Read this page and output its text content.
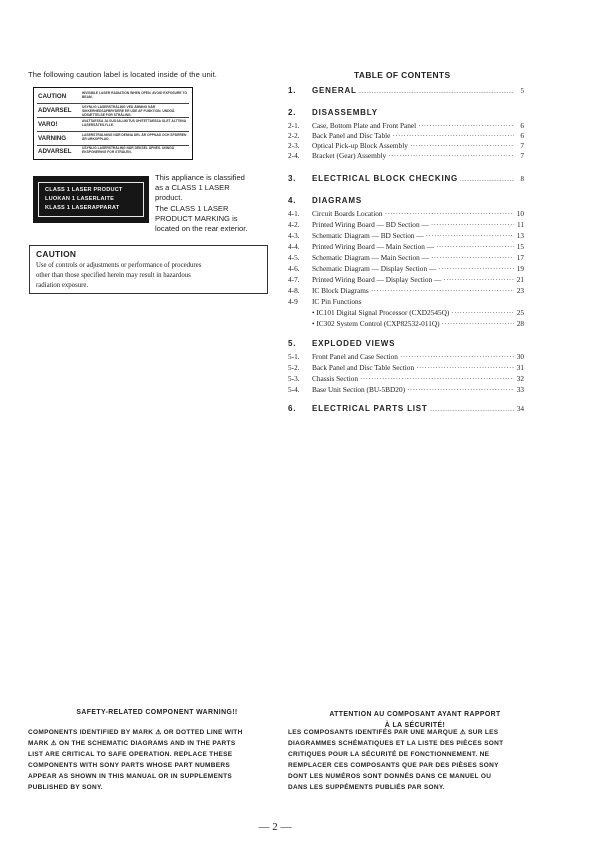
The following caution label is located inside of the unit.
CAUTION	INVISIBLE LASER RADIATION WHEN OPEN. AVOID EXPOSURE TO BEAM.
ADVARSEL	USYNLIG LASERSTRÅLING VED ÅBNING NÅR SIKKERHEDSAFBRYDERE ER UDE AF FUNKTION. UNDGÅ UDSÆTTELSE FOR STRÅLING.
VARO!	AVATTAESSA JA SUOJALUKITUS OHITETTAESSA OLET ALTTIINA LASERSÄTEILYLLE.
VARNING	LASERSTRÅLNING NÄR DENNA DEL ÄR ÖPPNAD OCH SPÄRREN ÄR URKOPPLAD.
ADVARSEL	USYNLIG LASERSTRÅLING NÅR DEKSEL ÅPNES. UNNGÅ EKSPONERING FOR STRÅLEN.
CLASS 1 LASER PRODUCT
LUOKAN 1 LASERLAITE
KLASS 1 LASERAPPARAT
This appliance is classified
as a CLASS 1 LASER
product.
The CLASS 1 LASER
PRODUCT MARKING is
located on the rear exterior.
CAUTION
Use of controls or adjustments or performance of procedures
other than those specified herein may result in hazardous
radiation exposure.
TABLE OF CONTENTS
1. GENERAL .....	5
2. DISASSEMBLY
2-1. Case, Bottom Plate and Front Panel ·····	6
2-2. Back Panel and Disc Table ·····	6
2-3. Optical Pick-up Block Assembly ·····	7
2-4. Bracket (Gear) Assembly ·····	7
3. ELECTRICAL BLOCK CHECKING .....	8
4. DIAGRAMS
4-1. Circuit Boards Location ·····	10
4-2. Printed Wiring Board — BD Section — ·····	11
4-3. Schematic Diagram — BD Section — ·····	13
4-4. Printed Wiring Board — Main Section — ·····	15
4-5. Schematic Diagram — Main Section — ·····	17
4-6. Schematic Diagram — Display Section — ·····	19
4-7. Printed Wiring Board — Display Section — ·····	21
4-8. IC Block Diagrams ·····	23
4-9 IC Pin Functions
• IC101 Digital Signal Processor (CXD2545Q) ·····	25
• IC302 System Control (CXP82532-011Q) ·····	28
5. EXPLODED VIEWS
5-1. Front Panel and Case Section ·····	30
5-2. Back Panel and Disc Table Section ·····	31
5-3. Chassis Section ·····	32
5-4. Base Unit Section (BU-5BD20) ·····	33
6. ELECTRICAL PARTS LIST .....	34
SAFETY-RELATED COMPONENT WARNING!!
COMPONENTS IDENTIFIED BY MARK ⚠ OR DOTTED LINE WITH
MARK ⚠ ON THE SCHEMATIC DIAGRAMS AND IN THE PARTS
LIST ARE CRITICAL TO SAFE OPERATION. REPLACE THESE
COMPONENTS WITH SONY PARTS WHOSE PART NUMBERS
APPEAR AS SHOWN IN THIS MANUAL OR IN SUPPLEMENTS
PUBLISHED BY SONY.
ATTENTION AU COMPOSANT AYANT RAPPORT
À LA SÉCURITÉ!
LES COMPOSANTS IDENTIFÉS PAR UNE MARQUE ⚠ SUR LES
DIAGRAMMES SCHÉMATIQUES ET LA LISTE DES PIÈCES SONT
CRITIQUES POUR LA SÉCURITÉ DE FONCTIONNEMENT. NE
REMPLACER CES COMPOSANTS QUE PAR DES PIÈSES SONY
DONT LES NUMÉROS SONT DONNÉS DANS CE MANUEL OU
DANS LES SUPPÉMENTS PUBLIÉS PAR SONY.
— 2 —
